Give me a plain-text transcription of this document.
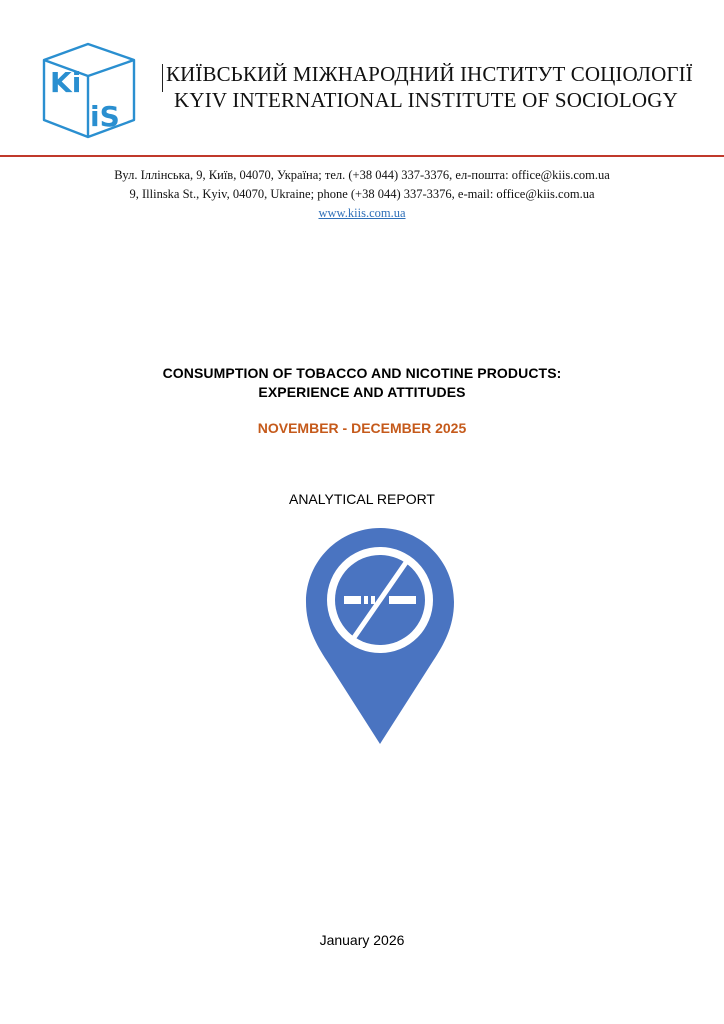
Ki
iS
КИЇВСЬКИЙ МІЖНАРОДНИЙ ІНСТИТУТ СОЦІОЛОГІЇ
KYIV INTERNATIONAL INSTITUTE OF SOCIOLOGY
Вул. Іллінська, 9, Київ, 04070, Україна; тел. (+38 044) 337-3376, ел-пошта: office@kiis.com.ua
9, Illinska St., Kyiv, 04070, Ukraine; phone (+38 044) 337-3376, e-mail: office@kiis.com.ua
www.kiis.com.ua
CONSUMPTION OF TOBACCO AND NICOTINE PRODUCTS:
EXPERIENCE AND ATTITUDES
NOVEMBER - DECEMBER 2025
ANALYTICAL REPORT
January 2026
